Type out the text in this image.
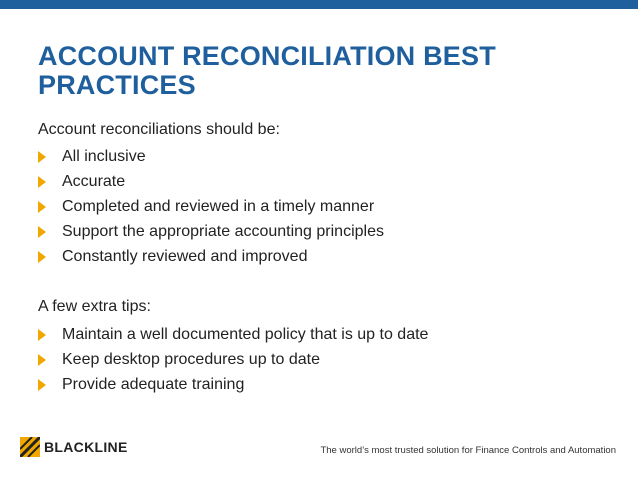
ACCOUNT RECONCILIATION BEST
PRACTICES
Account reconciliations should be:
All inclusive
Accurate
Completed and reviewed in a timely manner
Support the appropriate accounting principles
Constantly reviewed and improved
A few extra tips:
Maintain a well documented policy that is up to date
Keep desktop procedures up to date
Provide adequate training
BLACKLINE	The world’s most trusted solution for Finance Controls and Automation
